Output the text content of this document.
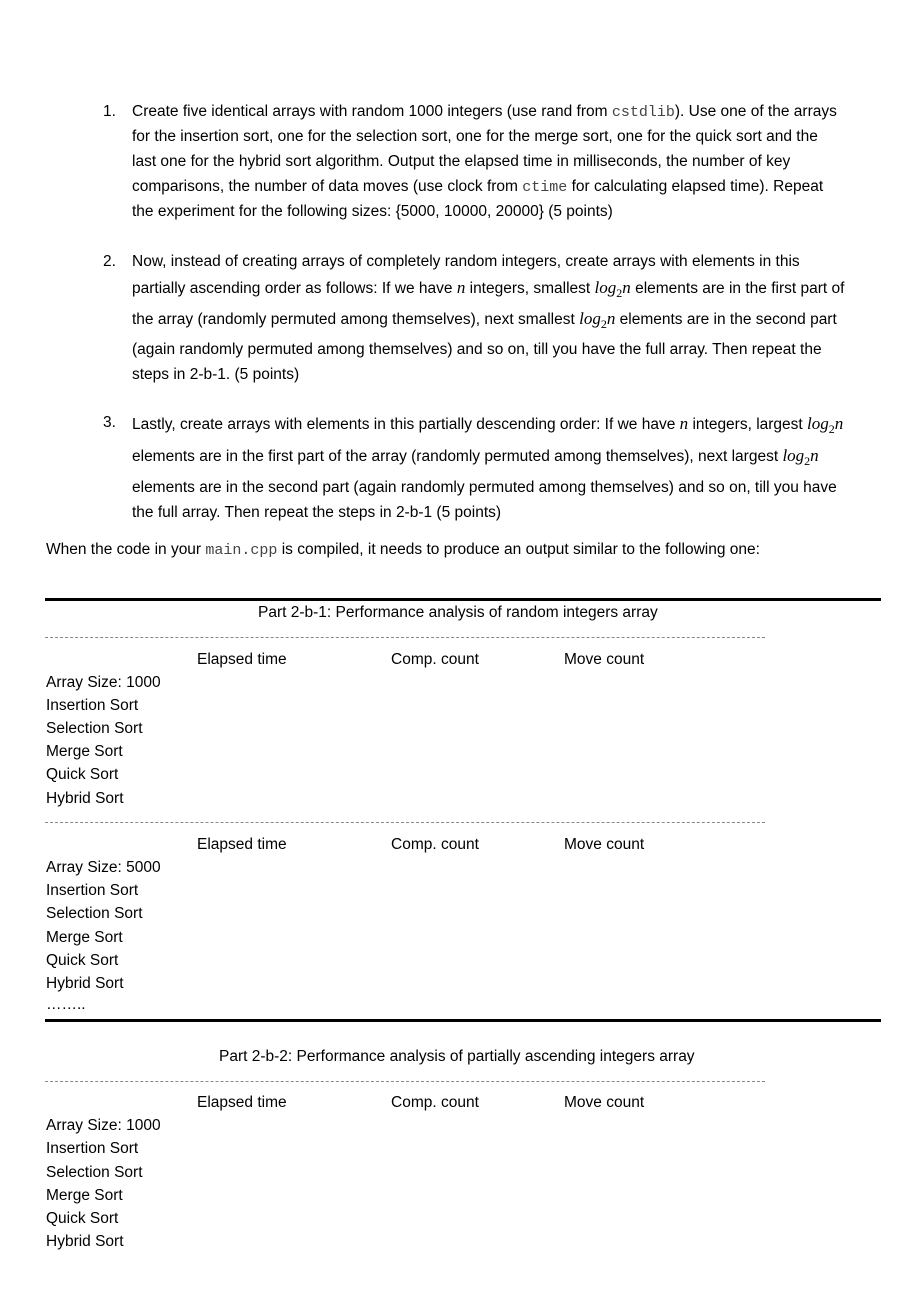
1. Create five identical arrays with random 1000 integers (use rand from cstdlib). Use one of the arrays
for the insertion sort, one for the selection sort, one for the merge sort, one for the quick sort and the
last one for the hybrid sort algorithm. Output the elapsed time in milliseconds, the number of key
comparisons, the number of data moves (use clock from ctime for calculating elapsed time). Repeat
the experiment for the following sizes: {5000, 10000, 20000} (5 points)
2. Now, instead of creating arrays of completely random integers, create arrays with elements in this
partially ascending order as follows: If we have n integers, smallest $\log_2n$ elements are in the first part of
the array (randomly permuted among themselves), next smallest $\log_2n$ elements are in the second part
(again randomly permuted among themselves) and so on, till you have the full array. Then repeat the
steps in 2-b-1. (5 points)
3. Lastly, create arrays with elements in this partially descending order: If we have n integers, largest $\log_2n$
elements are in the first part of the array (randomly permuted among themselves), next largest $\log_2n$
elements are in the second part (again randomly permuted among themselves) and so on, till you have
the full array. Then repeat the steps in 2-b-1 (5 points)
When the code in your main.cpp is compiled, it needs to produce an output similar to the following one:
Part 2-b-1: Performance analysis of random integers array
Elapsed time	Comp. count	Move count
Array Size: 1000
Insertion Sort
Selection Sort
Merge Sort
Quick Sort
Hybrid Sort
Elapsed time	Comp. count	Move count
Array Size: 5000
Insertion Sort
Selection Sort
Merge Sort
Quick Sort
Hybrid Sort
……..
Part 2-b-2: Performance analysis of partially ascending integers array
Elapsed time	Comp. count	Move count
Array Size: 1000
Insertion Sort
Selection Sort
Merge Sort
Quick Sort
Hybrid Sort
